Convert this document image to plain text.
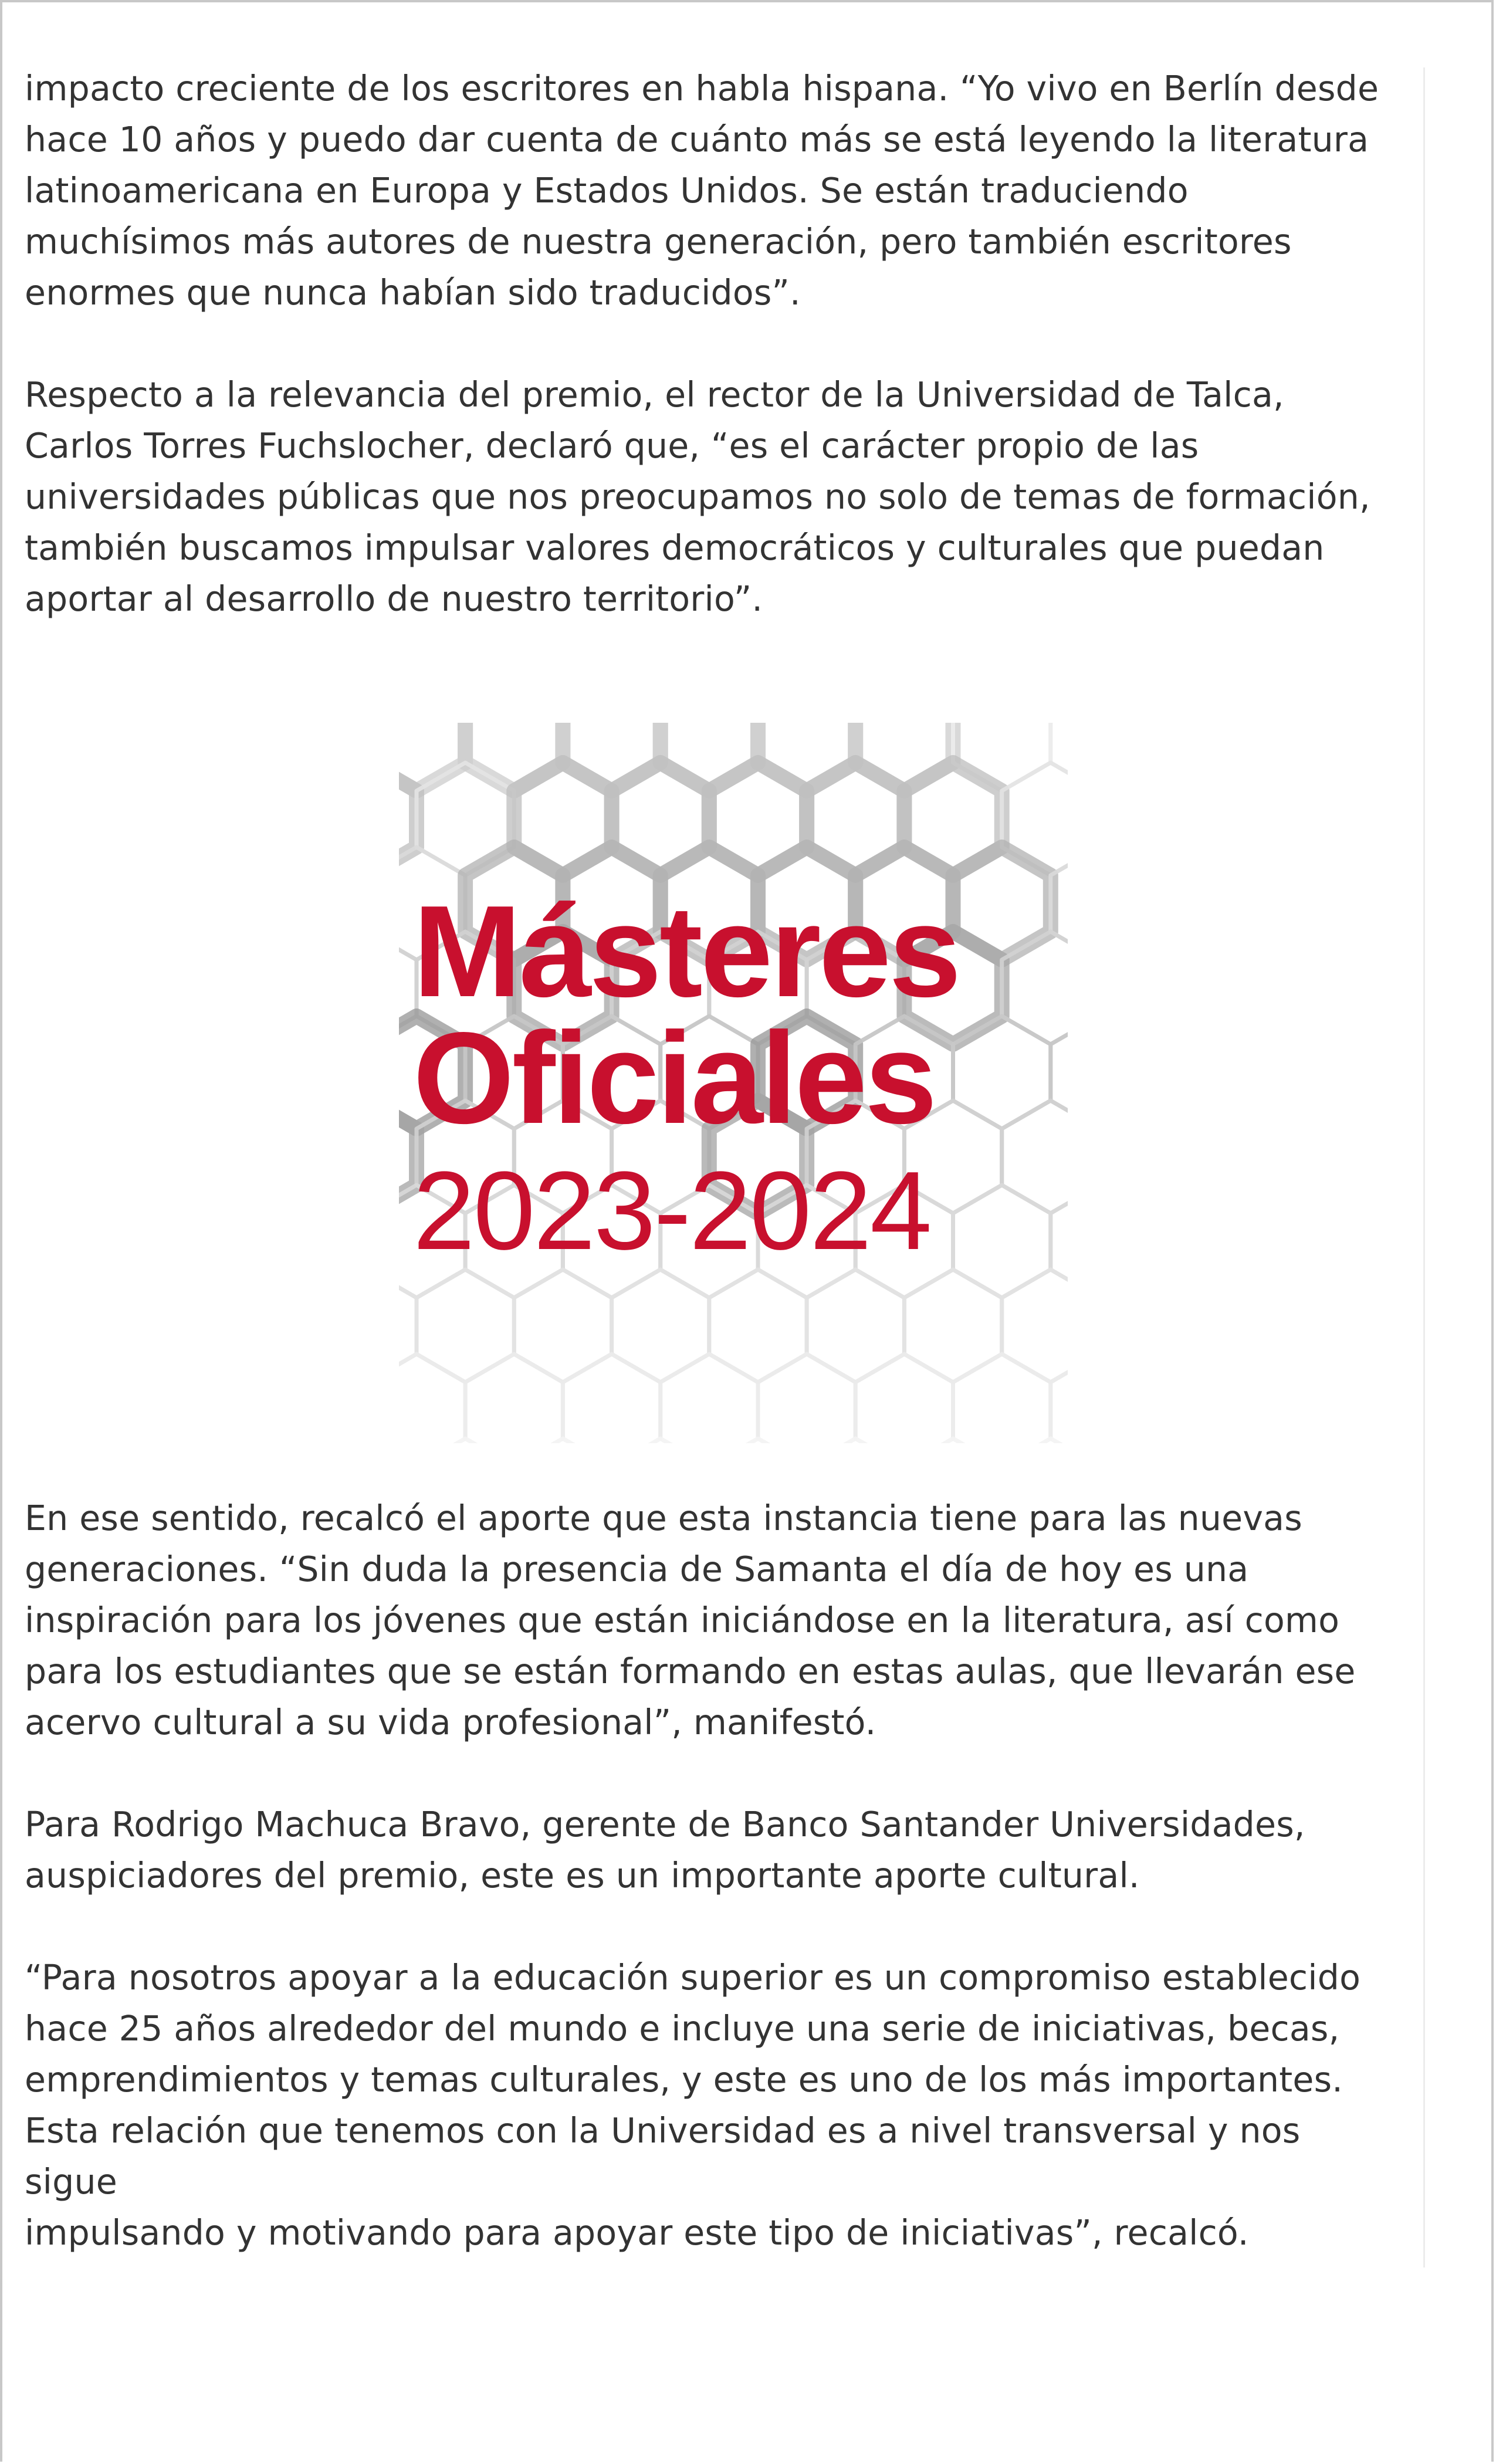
impacto creciente de los escritores en habla hispana. “Yo vivo en Berlín desde
hace 10 años y puedo dar cuenta de cuánto más se está leyendo la literatura
latinoamericana en Europa y Estados Unidos. Se están traduciendo
muchísimos más autores de nuestra generación, pero también escritores
enormes que nunca habían sido traducidos”.

Respecto a la relevancia del premio, el rector de la Universidad de Talca,
Carlos Torres Fuchslocher, declaró que, “es el carácter propio de las
universidades públicas que nos preocupamos no solo de temas de formación,
también buscamos impulsar valores democráticos y culturales que puedan
aportar al desarrollo de nuestro territorio”.

Másteres
Oficiales
2023-2024

En ese sentido, recalcó el aporte que esta instancia tiene para las nuevas
generaciones. “Sin duda la presencia de Samanta el día de hoy es una
inspiración para los jóvenes que están iniciándose en la literatura, así como
para los estudiantes que se están formando en estas aulas, que llevarán ese
acervo cultural a su vida profesional”, manifestó.

Para Rodrigo Machuca Bravo, gerente de Banco Santander Universidades,
auspiciadores del premio, este es un importante aporte cultural.

“Para nosotros apoyar a la educación superior es un compromiso establecido
hace 25 años alrededor del mundo e incluye una serie de iniciativas, becas,
emprendimientos y temas culturales, y este es uno de los más importantes.
Esta relación que tenemos con la Universidad es a nivel transversal y nos sigue
impulsando y motivando para apoyar este tipo de iniciativas”, recalcó.
